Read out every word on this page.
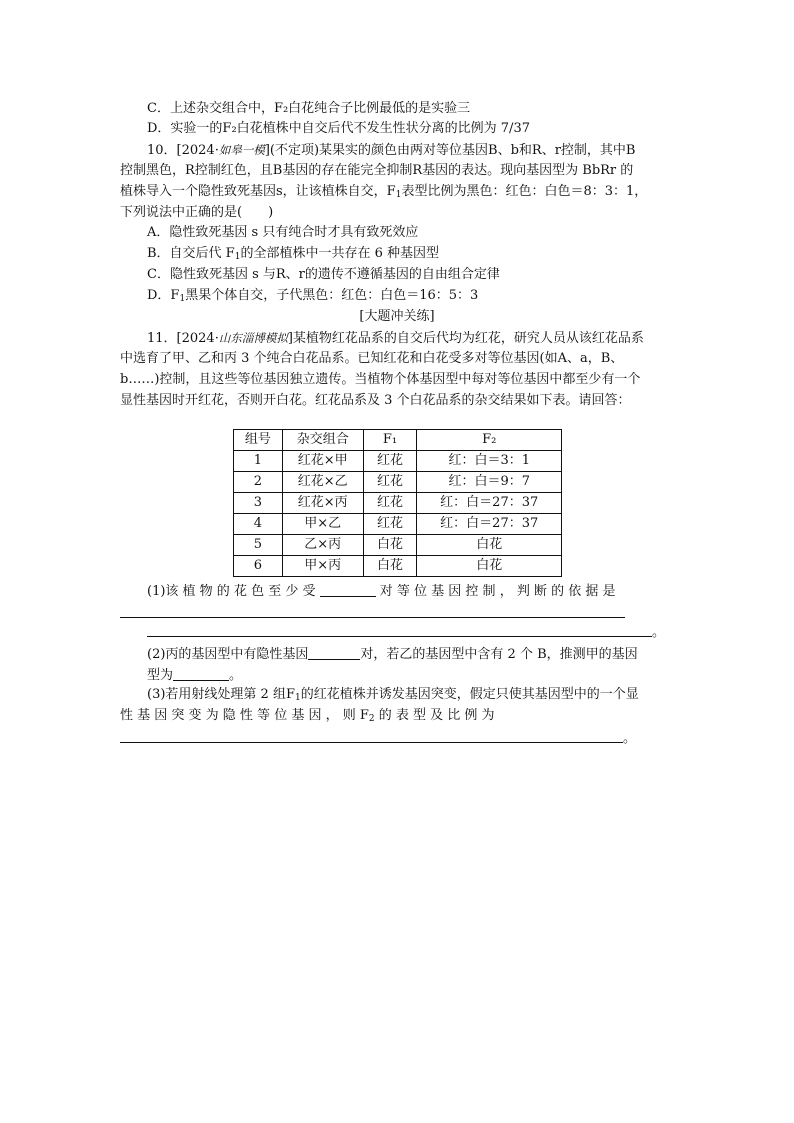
C．上述杂交组合中，F₂白花纯合子比例最低的是实验三
D．实验一的F₂白花植株中自交后代不发生性状分离的比例为 7/37
10．[2024·如皋一模](不定项)某果实的颜色由两对等位基因B、b和R、r控制，其中B
控制黑色，R控制红色，且B基因的存在能完全抑制R基因的表达。现向基因型为 BbRr 的
植株导入一个隐性致死基因s，让该植株自交，$F_1$表型比例为黑色：红色：白色＝8：3：1，
下列说法中正确的是(　　)
A．隐性致死基因 s 只有纯合时才具有致死效应
B．自交后代 $F_1$的全部植株中一共存在 6 种基因型
C．隐性致死基因 s 与R、r的遗传不遵循基因的自由组合定律
D．$F_1$黑果个体自交，子代黑色：红色：白色＝16：5：3
[大题冲关练]
11．[2024·山东淄博模拟]某植物红花品系的自交后代均为红花，研究人员从该红花品系
中选育了甲、乙和丙 3 个纯合白花品系。已知红花和白花受多对等位基因(如A、a，B、
b……)控制，且这些等位基因独立遗传。当植物个体基因型中每对等位基因中都至少有一个
显性基因时开红花，否则开白花。红花品系及 3 个白花品系的杂交结果如下表。请回答：
组号	杂交组合	F₁	F₂
1	红花×甲	红花	红：白＝3：1
2	红花×乙	红花	红：白＝9：7
3	红花×丙	红花	红：白＝27：37
4	甲×乙	红花	红：白＝27：37
5	乙×丙	白花	白花
6	甲×丙	白花	白花
(1)该 植 物 的 花 色 至 少 受	对 等 位 基 因 控 制 ， 判 断 的 依 据 是
。
(2)丙的基因型中有隐性基因	对，若乙的基因型中含有 2 个 B，推测甲的基因
型为	。
(3)若用射线处理第 2 组$F_1$的红花植株并诱发基因突变，假定只使其基因型中的一个显
性 基 因 突 变 为 隐 性 等 位 基 因 ， 则 $F_2$ 的 表 型 及 比 例 为
。
